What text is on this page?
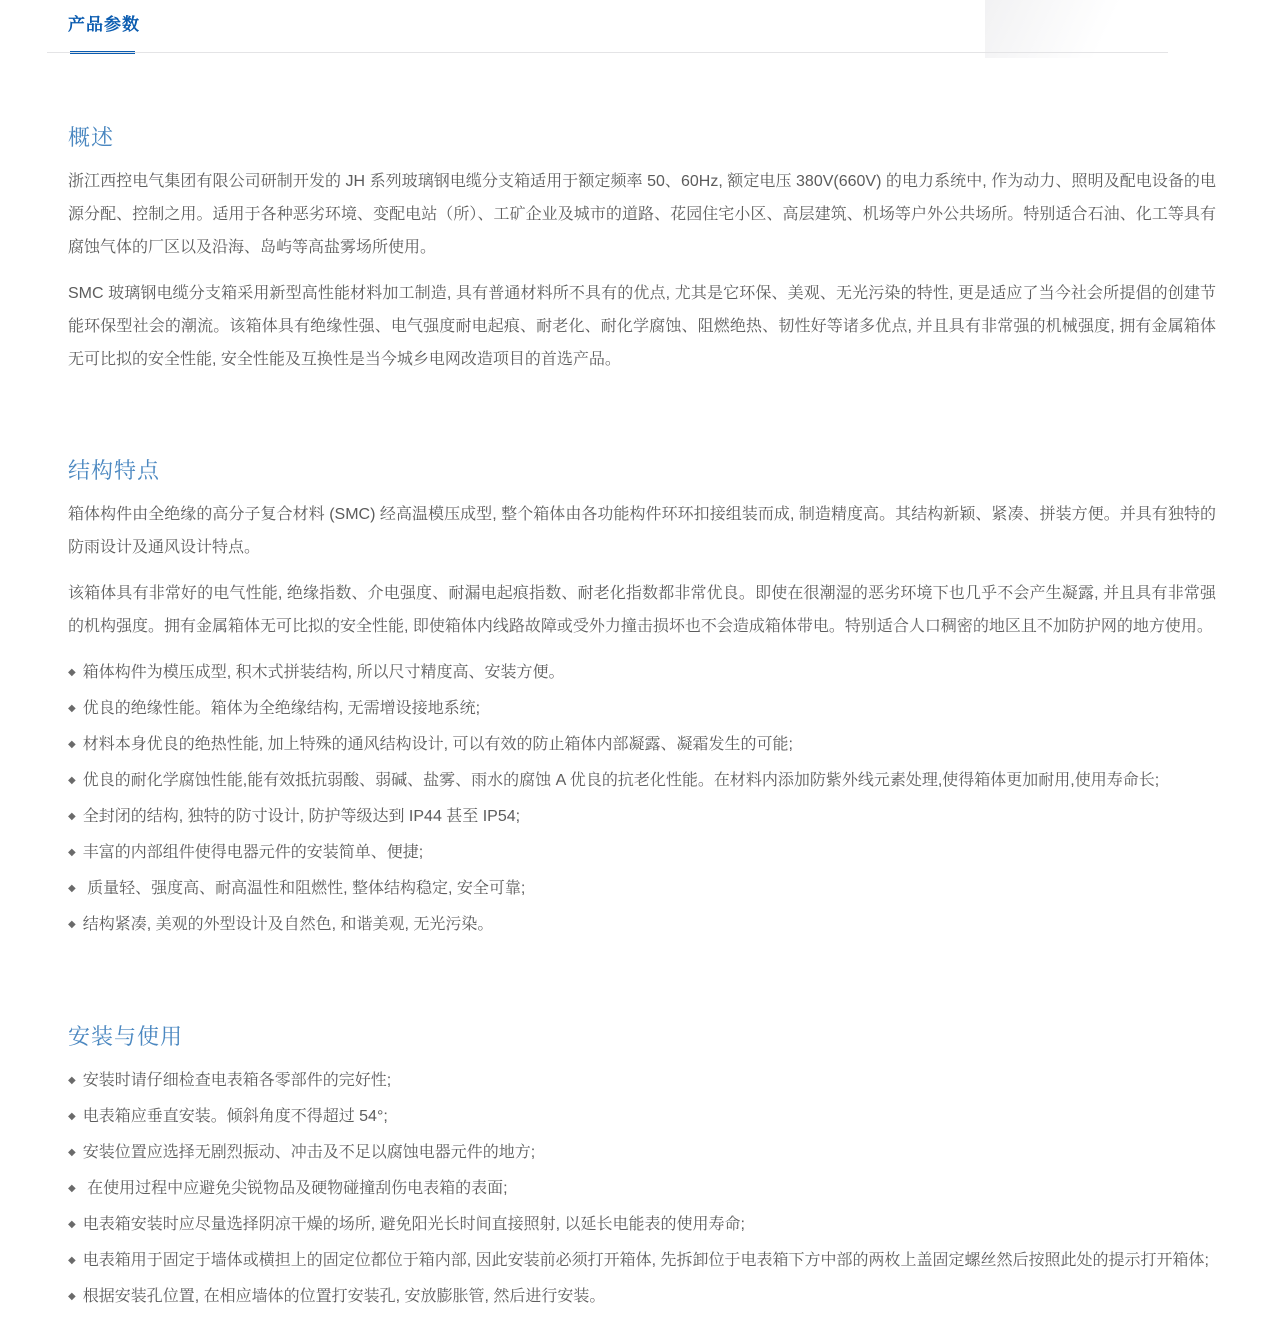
产品参数
概述

浙江西控电气集团有限公司研制开发的 JH 系列玻璃钢电缆分支箱适用于额定频率 50、60Hz, 额定电压 380V(660V) 的电力系统中, 作为动力、照明及配电设备的电源分配、控制之用。适用于各种恶劣环境、变配电站（所）、工矿企业及城市的道路、花园住宅小区、高层建筑、机场等户外公共场所。特别适合石油、化工等具有腐蚀气体的厂区以及沿海、岛屿等高盐雾场所使用。

SMC 玻璃钢电缆分支箱采用新型高性能材料加工制造, 具有普通材料所不具有的优点, 尤其是它环保、美观、无光污染的特性, 更是适应了当今社会所提倡的创建节能环保型社会的潮流。该箱体具有绝缘性强、电气强度耐电起痕、耐老化、耐化学腐蚀、阻燃绝热、韧性好等诸多优点, 并且具有非常强的机械强度, 拥有金属箱体无可比拟的安全性能, 安全性能及互换性是当今城乡电网改造项目的首选产品。

结构特点

箱体构件由全绝缘的高分子复合材料 (SMC) 经高温模压成型, 整个箱体由各功能构件环环扣接组装而成, 制造精度高。其结构新颖、紧凑、拼装方便。并具有独特的防雨设计及通风设计特点。

该箱体具有非常好的电气性能, 绝缘指数、介电强度、耐漏电起痕指数、耐老化指数都非常优良。即使在很潮湿的恶劣环境下也几乎不会产生凝露, 并且具有非常强的机构强度。拥有金属箱体无可比拟的安全性能, 即使箱体内线路故障或受外力撞击损坏也不会造成箱体带电。特别适合人口稠密的地区且不加防护网的地方使用。

◆ 箱体构件为模压成型, 积木式拼装结构, 所以尺寸精度高、安装方便。

◆ 优良的绝缘性能。箱体为全绝缘结构, 无需增设接地系统;

◆ 材料本身优良的绝热性能, 加上特殊的通风结构设计, 可以有效的防止箱体内部凝露、凝霜发生的可能;

◆ 优良的耐化学腐蚀性能,能有效抵抗弱酸、弱碱、盐雾、雨水的腐蚀 A 优良的抗老化性能。在材料内添加防紫外线元素处理,使得箱体更加耐用,使用寿命长;

◆ 全封闭的结构, 独特的防寸设计, 防护等级达到 IP44 甚至 IP54;

◆ 丰富的内部组件使得电器元件的安装简单、便捷;

◆ 质量轻、强度高、耐高温性和阻燃性, 整体结构稳定, 安全可靠;

◆ 结构紧凑, 美观的外型设计及自然色, 和谐美观, 无光污染。

安装与使用

◆ 安装时请仔细检查电表箱各零部件的完好性;

◆ 电表箱应垂直安装。倾斜角度不得超过 54°;

◆ 安装位置应选择无剧烈振动、冲击及不足以腐蚀电器元件的地方;

◆ 在使用过程中应避免尖锐物品及硬物碰撞刮伤电表箱的表面;

◆ 电表箱安装时应尽量选择阴凉干燥的场所, 避免阳光长时间直接照射, 以延长电能表的使用寿命;

◆ 电表箱用于固定于墙体或横担上的固定位都位于箱内部, 因此安装前必须打开箱体, 先拆卸位于电表箱下方中部的两枚上盖固定螺丝然后按照此处的提示打开箱体;

◆ 根据安装孔位置, 在相应墙体的位置打安装孔, 安放膨胀管, 然后进行安装。
